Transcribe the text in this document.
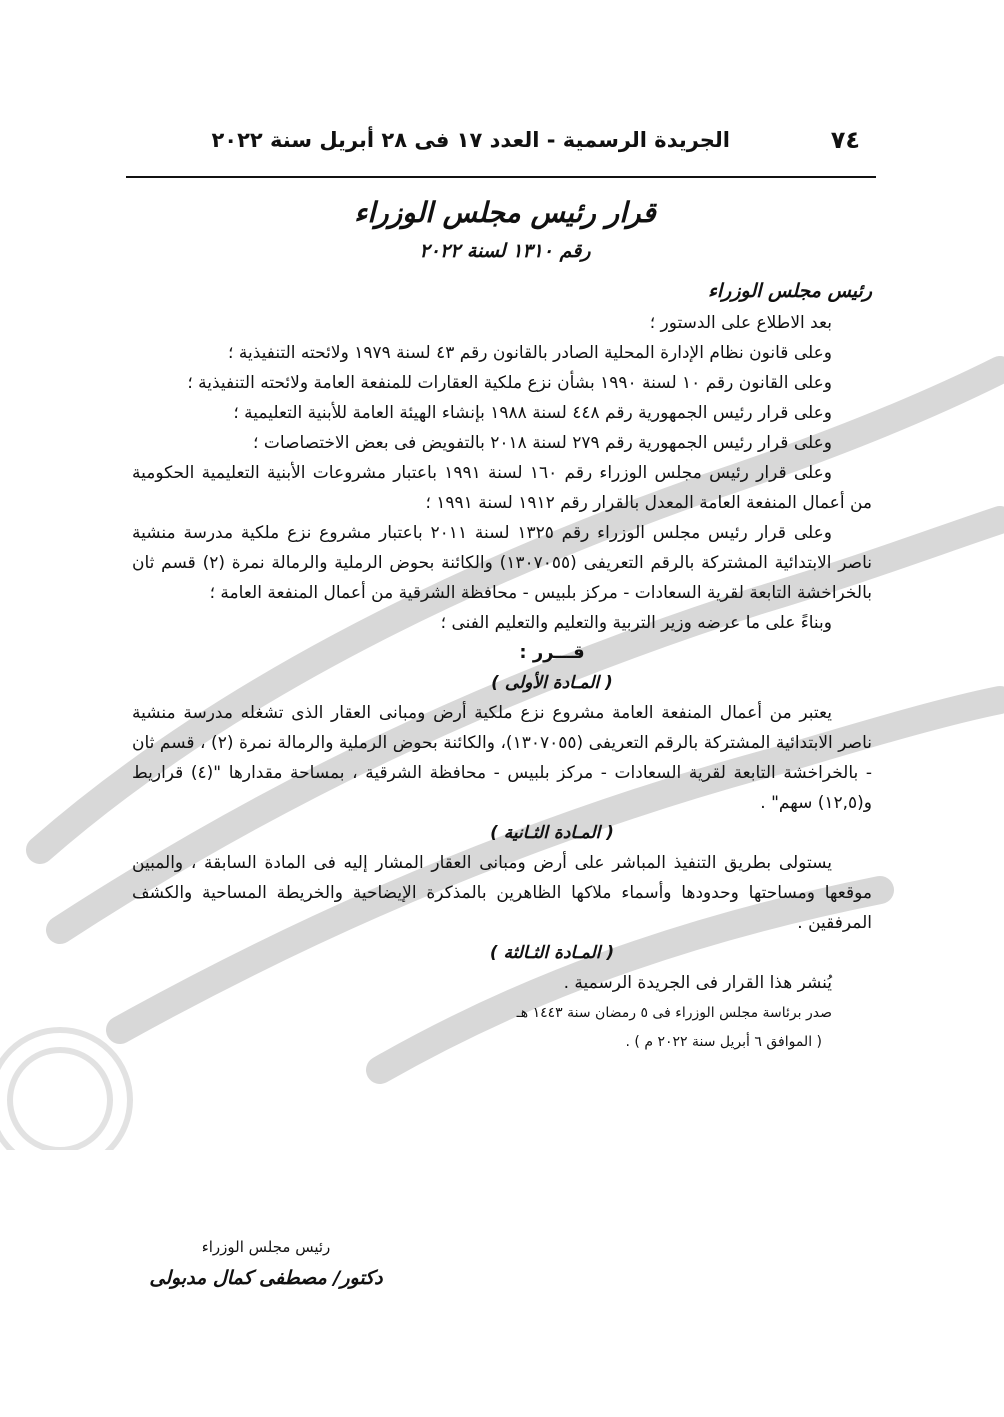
٧٤
الجريدة الرسمية - العدد ١٧ فى ٢٨ أبريل سنة ٢٠٢٢
قرار رئيس مجلس الوزراء
رقم ١٣١٠ لسنة ٢٠٢٢

رئيس مجلس الوزراء

بعد الاطلاع على الدستور ؛

وعلى قانون نظام الإدارة المحلية الصادر بالقانون رقم ٤٣ لسنة ١٩٧٩ ولائحته التنفيذية ؛

وعلى القانون رقم ١٠ لسنة ١٩٩٠ بشأن نزع ملكية العقارات للمنفعة العامة ولائحته التنفيذية ؛

وعلى قرار رئيس الجمهورية رقم ٤٤٨ لسنة ١٩٨٨ بإنشاء الهيئة العامة للأبنية التعليمية ؛

وعلى قرار رئيس الجمهورية رقم ٢٧٩ لسنة ٢٠١٨ بالتفويض فى بعض الاختصاصات ؛

وعلى قرار رئيس مجلس الوزراء رقم ١٦٠ لسنة ١٩٩١ باعتبار مشروعات الأبنية التعليمية الحكومية من أعمال المنفعة العامة المعدل بالقرار رقم ١٩١٢ لسنة ١٩٩١ ؛

وعلى قرار رئيس مجلس الوزراء رقم ١٣٢٥ لسنة ٢٠١١ باعتبار مشروع نزع ملكية مدرسة منشية ناصر الابتدائية المشتركة بالرقم التعريفى (١٣٠٧٠٥٥) والكائنة بحوض الرملية والرمالة نمرة (٢) قسم ثان بالخراخشة التابعة لقرية السعادات - مركز بلبيس - محافظة الشرقية من أعمال المنفعة العامة ؛

وبناءً على ما عرضه وزير التربية والتعليم والتعليم الفنى ؛

قـــرر :

( المـادة الأولى )

يعتبر من أعمال المنفعة العامة مشروع نزع ملكية أرض ومبانى العقار الذى تشغله مدرسة منشية ناصر الابتدائية المشتركة بالرقم التعريفى (١٣٠٧٠٥٥)، والكائنة بحوض الرملية والرمالة نمرة (٢) ، قسم ثان - بالخراخشة التابعة لقرية السعادات - مركز بلبيس - محافظة الشرقية ، بمساحة مقدارها "(٤) قراريط و(١٢,٥) سهم" .

( المـادة الثـانية )

يستولى بطريق التنفيذ المباشر على أرض ومبانى العقار المشار إليه فى المادة السابقة ، والمبين موقعها ومساحتها وحدودها وأسماء ملاكها الظاهرين بالمذكرة الإيضاحية والخريطة المساحية والكشف المرفقين .

( المـادة الثـالثة )

يُنشر هذا القرار فى الجريدة الرسمية .

صدر برئاسة مجلس الوزراء فى ٥ رمضان سنة ١٤٤٣ هـ

( الموافق ٦ أبريل سنة ٢٠٢٢ م ) .

رئيس مجلس الوزراء
دكتور/ مصطفى كمال مدبولى
